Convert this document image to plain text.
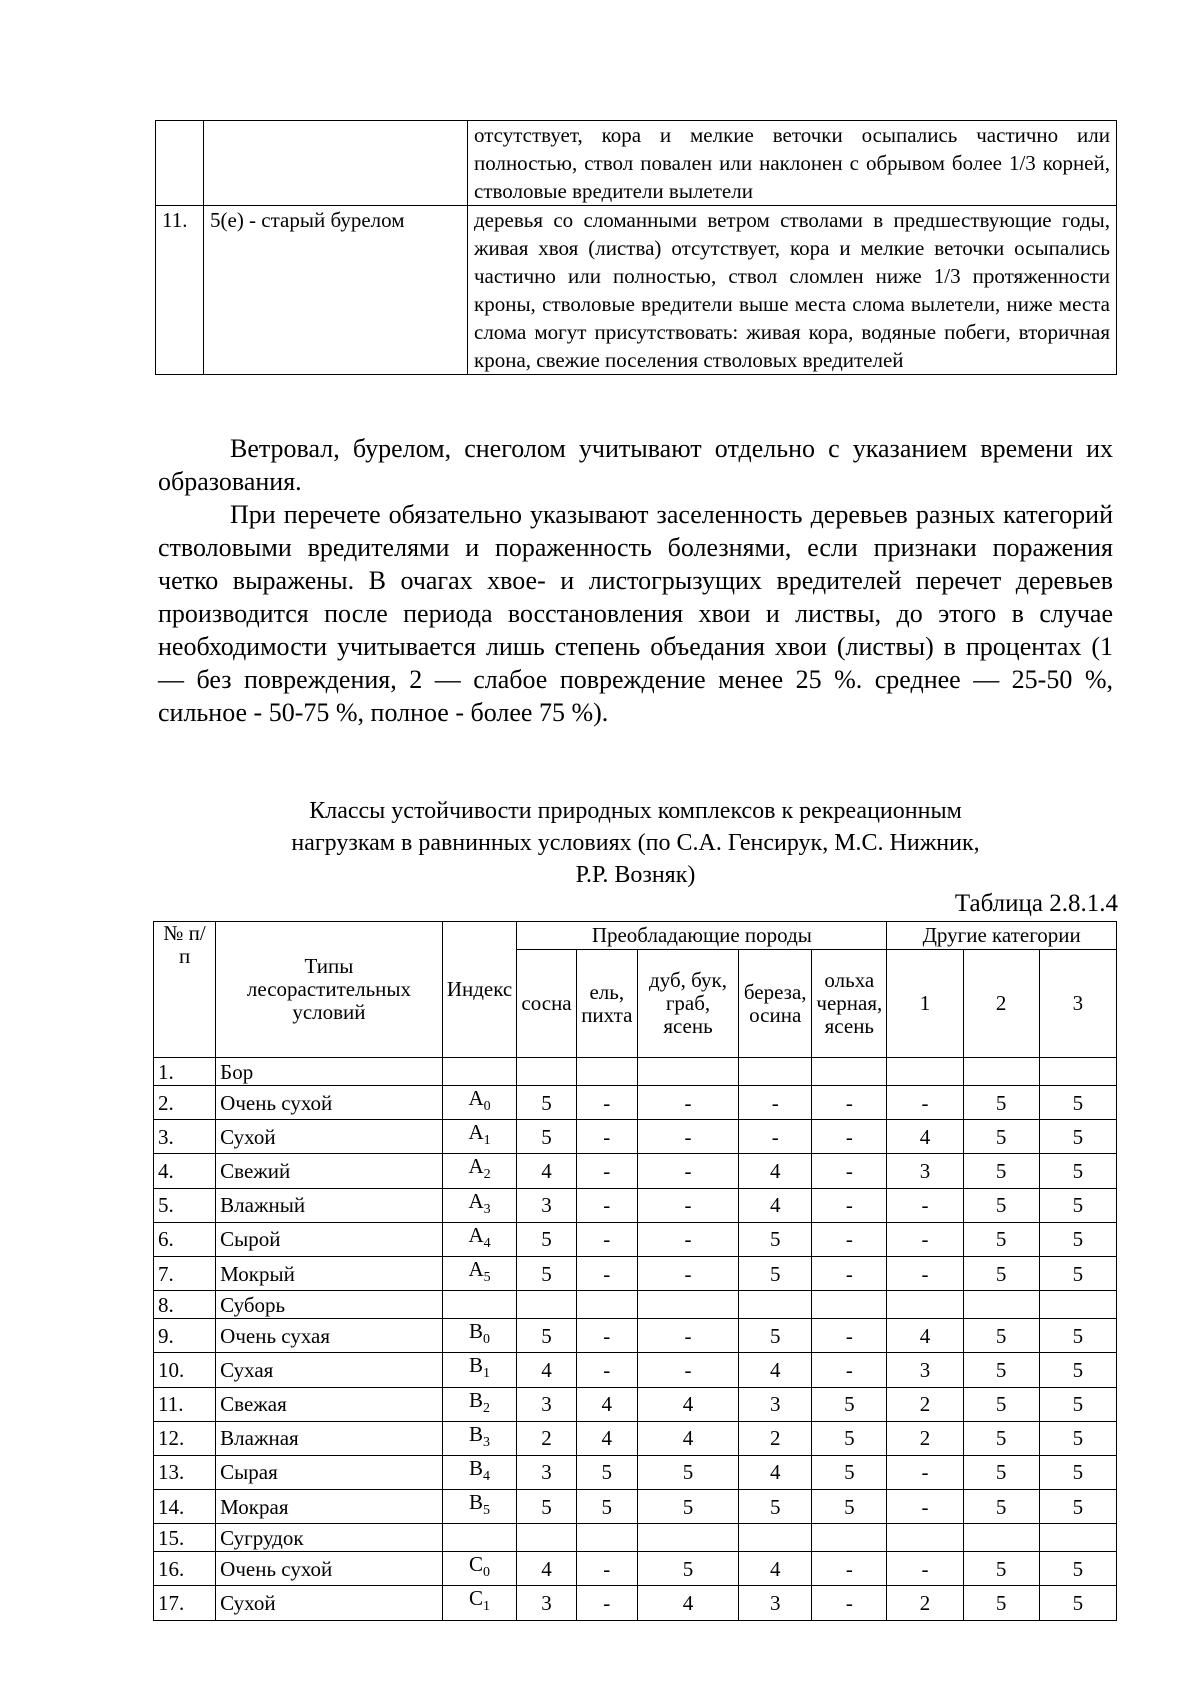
		отсутствует, кора и мелкие веточки осыпались частично или полностью, ствол повален или наклонен с обрывом более 1/3 корней, стволовые вредители вылетели
11.	5(е) - старый бурелом	деревья со сломанными ветром стволами в предшествующие годы, живая хвоя (листва) отсутствует, кора и мелкие веточки осыпались частично или полностью, ствол сломлен ниже 1/3 протяженности кроны, стволовые вредители выше места слома вылетели, ниже места слома могут присутствовать: живая кора, водяные побеги, вторичная крона, свежие поселения стволовых вредителей

Ветровал, бурелом, снеголом учитывают отдельно с указанием времени их образования.

При перечете обязательно указывают заселенность деревьев разных категорий стволовыми вредителями и пораженность болезнями, если признаки поражения четко выражены. В очагах хвое- и листогрызущих вредителей перечет деревьев производится после периода восстановления хвои и листвы, до этого в случае необходимости учитывается лишь степень объедания хвои (листвы) в процентах (1 — без повреждения, 2 — слабое повреждение менее 25 %. среднее — 25-50 %, сильное - 50-75 %, полное - более 75 %).

Классы устойчивости природных комплексов к рекреационным
нагрузкам в равнинных условиях (по С.А. Генсирук, М.С. Нижник,
Р.Р. Возняк)
Таблица 2.8.1.4
№ п/п	Типы лесорастительных условий	Индекс	Преобладающие породы					Другие категории		
			сосна	ель, пихта	дуб, бук, граб, ясень	береза, осина	ольха черная, ясень	1	2	3
1.	Бор									
2.	Очень сухой	$A_0$	5	-	-	-	-	-	5	5
3.	Сухой	$A_1$	5	-	-	-	-	4	5	5
4.	Свежий	$A_2$	4	-	-	4	-	3	5	5
5.	Влажный	$A_3$	3	-	-	4	-	-	5	5
6.	Сырой	$A_4$	5	-	-	5	-	-	5	5
7.	Мокрый	$A_5$	5	-	-	5	-	-	5	5
8.	Суборь									
9.	Очень сухая	$B_0$	5	-	-	5	-	4	5	5
10.	Сухая	$B_1$	4	-	-	4	-	3	5	5
11.	Свежая	$B_2$	3	4	4	3	5	2	5	5
12.	Влажная	$B_3$	2	4	4	2	5	2	5	5
13.	Сырая	$B_4$	3	5	5	4	5	-	5	5
14.	Мокрая	$B_5$	5	5	5	5	5	-	5	5
15.	Сугрудок									
16.	Очень сухой	$C_0$	4	-	5	4	-	-	5	5
17.	Сухой	$C_1$	3	-	4	3	-	2	5	5
